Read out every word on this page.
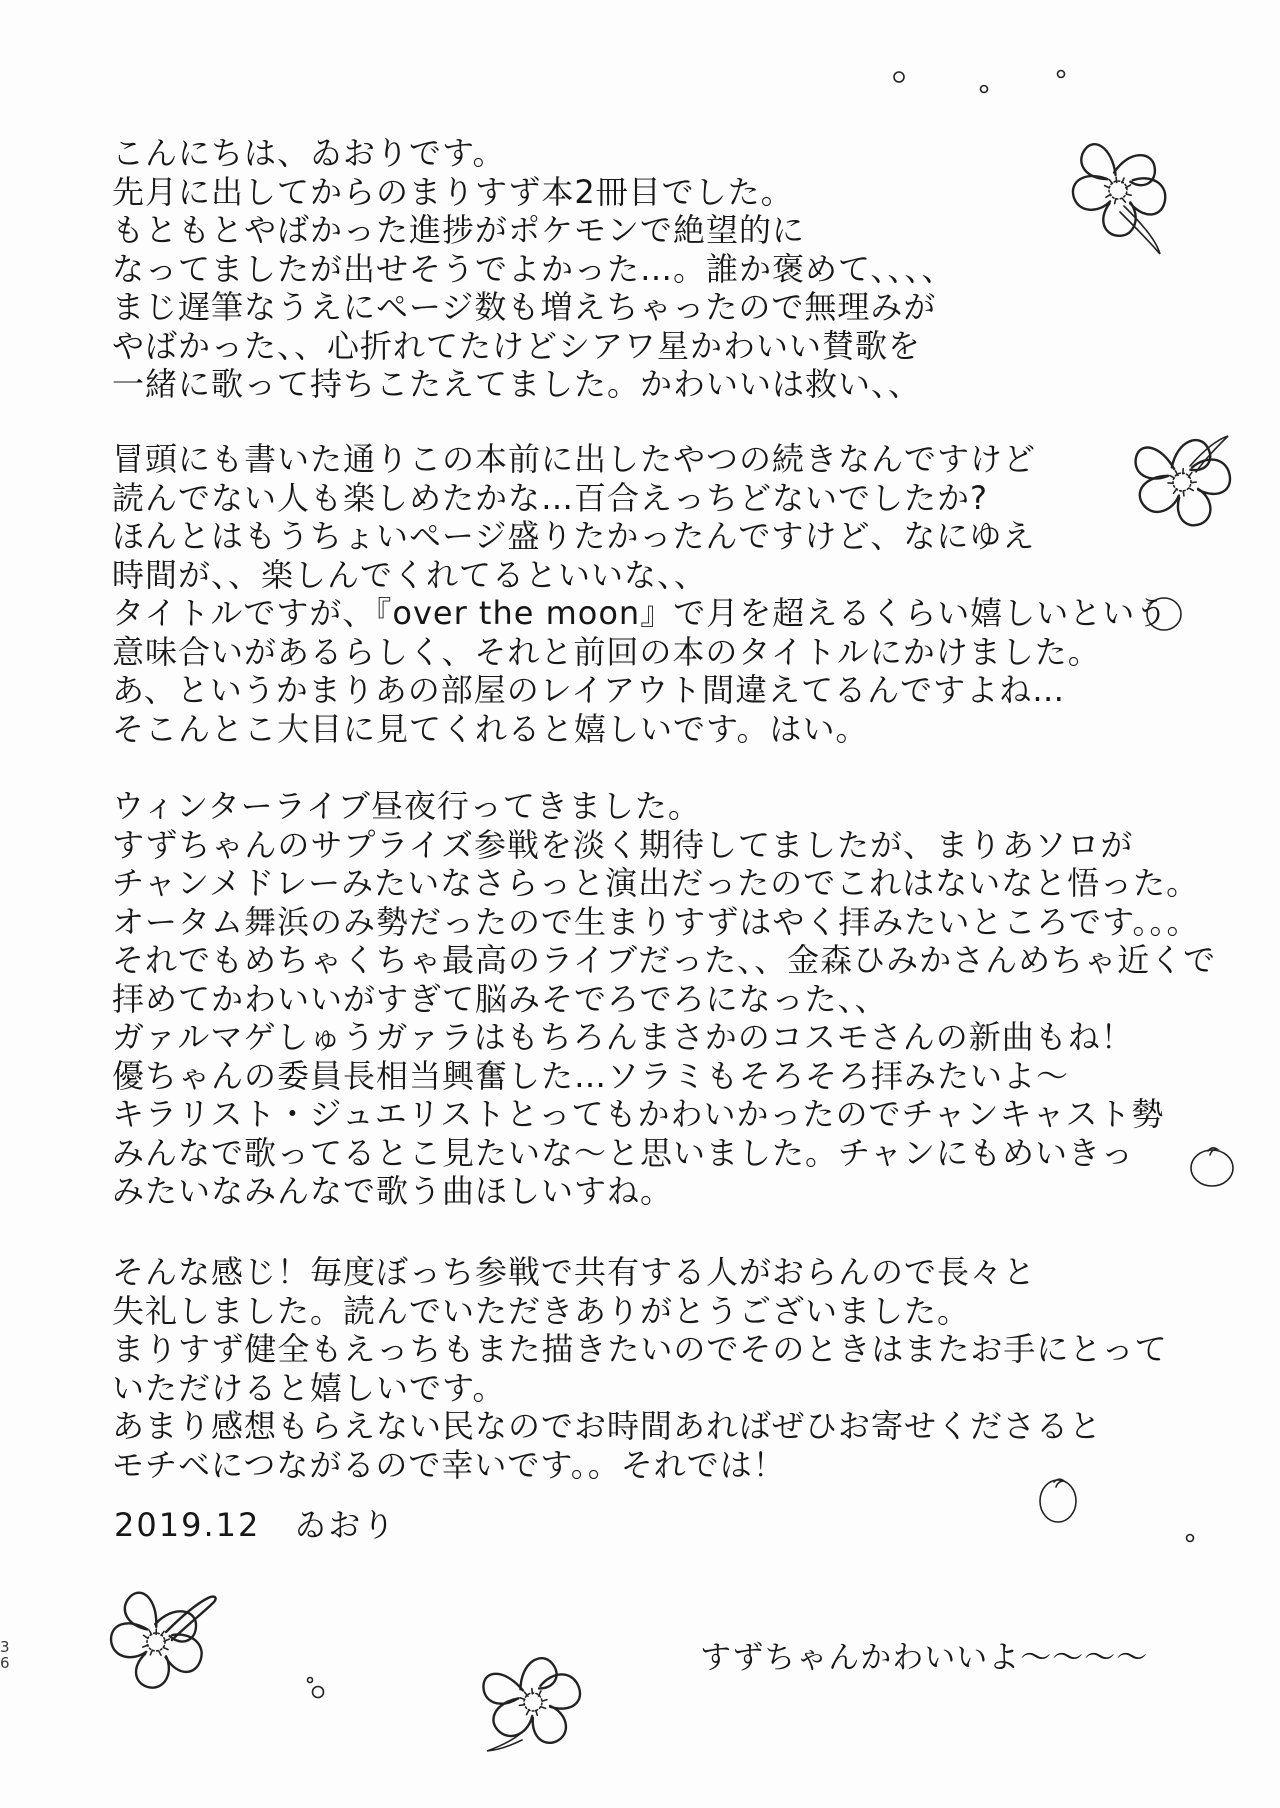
こんにちは、ゐおりです。
先月に出してからのまりすず本2冊目でした。
もともとやばかった進捗がポケモンで絶望的に
なってましたが出せそうでよかった…。誰か褒めて、、、、
まじ遅筆なうえにページ数も増えちゃったので無理みが
やばかった、、心折れてたけどシアワ星かわいい賛歌を
一緒に歌って持ちこたえてました。かわいいは救い、、
冒頭にも書いた通りこの本前に出したやつの続きなんですけど
読んでない人も楽しめたかな…百合えっちどないでしたか?
ほんとはもうちょいページ盛りたかったんですけど、なにゆえ
時間が、、楽しんでくれてるといいな、、
タイトルですが、『over the moon』で月を超えるくらい嬉しいという
意味合いがあるらしく、それと前回の本のタイトルにかけました。
あ、というかまりあの部屋のレイアウト間違えてるんですよね…
そこんとこ大目に見てくれると嬉しいです。はい。
ウィンターライブ昼夜行ってきました。
すずちゃんのサプライズ参戦を淡く期待してましたが、まりあソロが
チャンメドレーみたいなさらっと演出だったのでこれはないなと悟った。
オータム舞浜のみ勢だったので生まりすずはやく拝みたいところです。。。
それでもめちゃくちゃ最高のライブだった、、金森ひみかさんめちゃ近くで
拝めてかわいいがすぎて脳みそでろでろになった、、
ガァルマゲしゅうガァラはもちろんまさかのコスモさんの新曲もね！
優ちゃんの委員長相当興奮した…ソラミもそろそろ拝みたいよ～
キラリスト・ジュエリストとってもかわいかったのでチャンキャスト勢
みんなで歌ってるとこ見たいな～と思いました。チャンにもめいきっ
みたいなみんなで歌う曲ほしいすね。
そんな感じ！毎度ぼっち参戦で共有する人がおらんので長々と
失礼しました。読んでいただきありがとうございました。
まりすず健全もえっちもまた描きたいのでそのときはまたお手にとって
いただけると嬉しいです。
あまり感想もらえない民なのでお時間あればぜひお寄せくださると
モチベにつながるので幸いです。。それでは！
2019.12　ゐおり
すずちゃんかわいいよ～～～～
36
